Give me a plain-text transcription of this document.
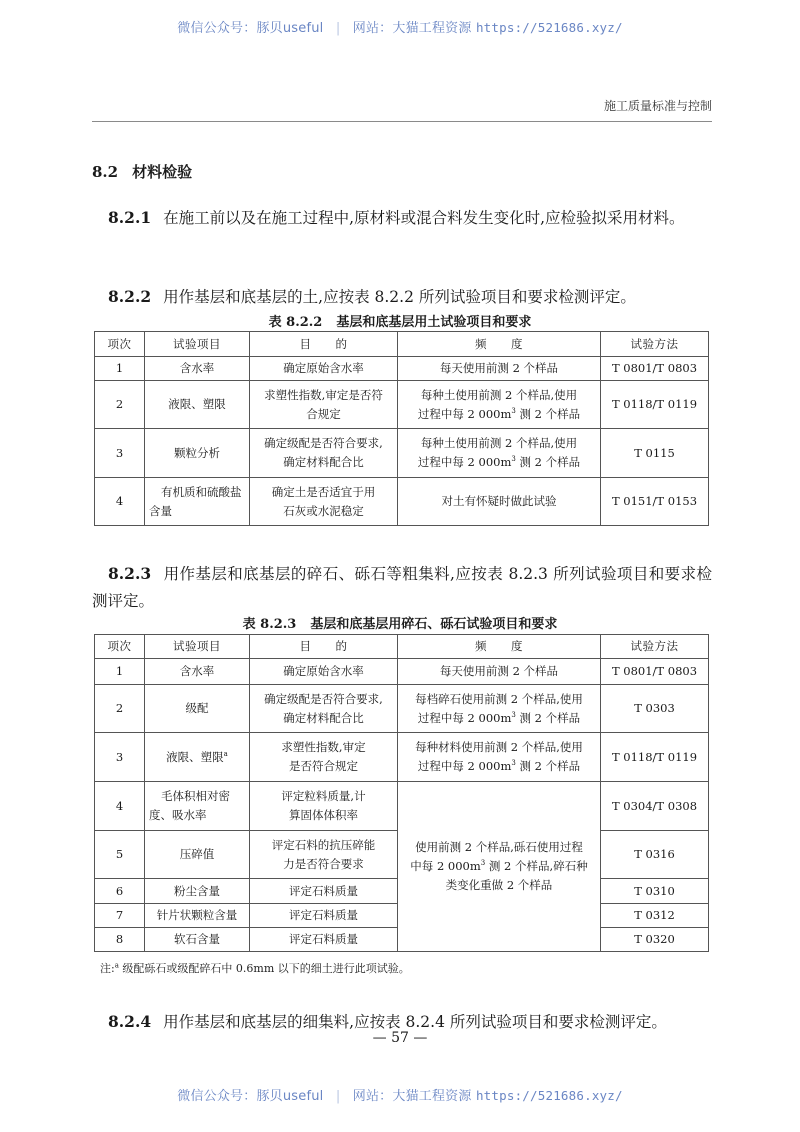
微信公众号：豚贝useful | 网站：大猫工程资源 https://521686.xyz/
施工质量标准与控制
8.2 材料检验
8.2.1 在施工前以及在施工过程中,原材料或混合料发生变化时,应检验拟采用材料。
8.2.2 用作基层和底基层的土,应按表 8.2.2 所列试验项目和要求检测评定。
表 8.2.2 基层和底基层用土试验项目和要求
项次	试验项目	目　　的	频　　度	试验方法
1	含水率	确定原始含水率	每天使用前测 2 个样品	T 0801/T 0803
2	液限、塑限	求塑性指数,审定是否符合规定	每种土使用前测 2 个样品,使用过程中每 2 $000m^3$ 测 2 个样品	T 0118/T 0119
3	颗粒分析	确定级配是否符合要求,确定材料配合比	每种土使用前测 2 个样品,使用过程中每 2 $000m^3$ 测 2 个样品	T 0115
4	有机质和硫酸盐含量	确定土是否适宜于用石灰或水泥稳定	对土有怀疑时做此试验	T 0151/T 0153
8.2.3 用作基层和底基层的碎石、砾石等粗集料,应按表 8.2.3 所列试验项目和要求检测评定。
表 8.2.3 基层和底基层用碎石、砾石试验项目和要求
项次	试验项目	目　　的	频　　度	试验方法
1	含水率	确定原始含水率	每天使用前测 2 个样品	T 0801/T 0803
2	级配	确定级配是否符合要求,确定材料配合比	每档碎石使用前测 2 个样品,使用过程中每 2 $000m^3$ 测 2 个样品	T 0303
3	液限、塑限$^a$	求塑性指数,审定是否符合规定	每种材料使用前测 2 个样品,使用过程中每 2 $000m^3$ 测 2 个样品	T 0118/T 0119
4	毛体积相对密度、吸水率	评定粒料质量,计算固体体积率	使用前测 2 个样品,砾石使用过程中每 2 $000m^3$ 测 2 个样品,碎石种类变化重做 2 个样品	T 0304/T 0308
5	压碎值	评定石料的抗压碎能力是否符合要求		T 0316
6	粉尘含量	评定石料质量		T 0310
7	针片状颗粒含量	评定石料质量		T 0312
8	软石含量	评定石料质量		T 0320
注:$^a$ 级配砾石或级配碎石中 0.6mm 以下的细土进行此项试验。
8.2.4 用作基层和底基层的细集料,应按表 8.2.4 所列试验项目和要求检测评定。
— 57 —
微信公众号：豚贝useful | 网站：大猫工程资源 https://521686.xyz/
